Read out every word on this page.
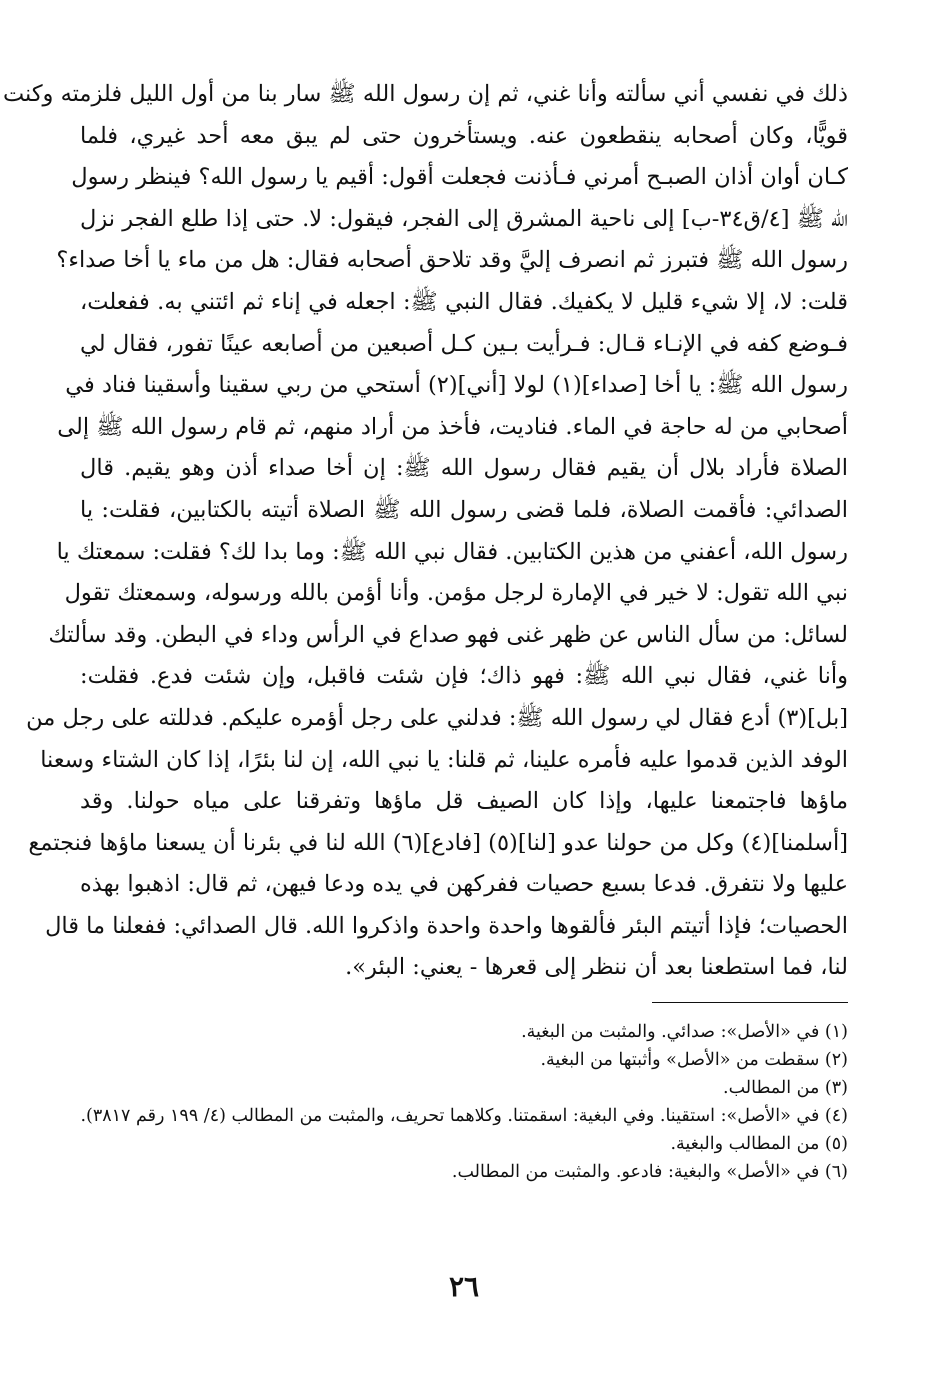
ذلك في نفسي أني سألته وأنا غني، ثم إن رسول الله ﷺ سار بنا من أول الليل فلزمته وكنت
قويًّا، وكان أصحابه ينقطعون عنه. ويستأخرون حتى لم يبق معه أحد غيري، فلما
كـان أوان أذان الصبـح أمرني فـأذنت فجعلت أقول: أقيم يا رسول الله؟ فينظر رسول
الله ﷺ [٤/ق٣٤-ب] إلى ناحية المشرق إلى الفجر، فيقول: لا. حتى إذا طلع الفجر نزل
رسول الله ﷺ فتبرز ثم انصرف إليَّ وقد تلاحق أصحابه فقال: هل من ماء يا أخا صداء؟
قلت: لا، إلا شيء قليل لا يكفيك. فقال النبي ﷺ: اجعله في إناء ثم ائتني به. ففعلت،
فـوضع كفه في الإنـاء قـال: فـرأيت بـين كـل أصبعين من أصابعه عينًا تفور، فقال لي
رسول الله ﷺ: يا أخا [صداء](١) لولا [أني](٢) أستحي من ربي سقينا وأسقينا فناد في
أصحابي من له حاجة في الماء. فناديت، فأخذ من أراد منهم، ثم قام رسول الله ﷺ إلى
الصلاة فأراد بلال أن يقيم فقال رسول الله ﷺ: إن أخا صداء أذن وهو يقيم. قال
الصدائي: فأقمت الصلاة، فلما قضى رسول الله ﷺ الصلاة أتيته بالكتابين، فقلت: يا
رسول الله، أعفني من هذين الكتابين. فقال نبي الله ﷺ: وما بدا لك؟ فقلت: سمعتك يا
نبي الله تقول: لا خير في الإمارة لرجل مؤمن. وأنا أؤمن بالله ورسوله، وسمعتك تقول
لسائل: من سأل الناس عن ظهر غنى فهو صداع في الرأس وداء في البطن. وقد سألتك
وأنا غني، فقال نبي الله ﷺ: فهو ذاك؛ فإن شئت فاقبل، وإن شئت فدع. فقلت:
[بل](٣) أدع فقال لي رسول الله ﷺ: فدلني على رجل أؤمره عليكم. فدللته على رجل من
الوفد الذين قدموا عليه فأمره علينا، ثم قلنا: يا نبي الله، إن لنا بئرًا، إذا كان الشتاء وسعنا
ماؤها فاجتمعنا عليها، وإذا كان الصيف قل ماؤها وتفرقنا على مياه حولنا. وقد
[أسلمنا](٤) وكل من حولنا عدو [لنا](٥) [فادع](٦) الله لنا في بئرنا أن يسعنا ماؤها فنجتمع
عليها ولا نتفرق. فدعا بسبع حصيات ففركهن في يده ودعا فيهن، ثم قال: اذهبوا بهذه
الحصيات؛ فإذا أتيتم البئر فألقوها واحدة واحدة واذكروا الله. قال الصدائي: ففعلنا ما قال
لنا، فما استطعنا بعد أن ننظر إلى قعرها - يعني: البئر».
(١) في «الأصل»: صدائي. والمثبت من البغية.
(٢) سقطت من «الأصل» وأثبتها من البغية.
(٣) من المطالب.
(٤) في «الأصل»: استقينا. وفي البغية: اسقمتنا. وكلاهما تحريف، والمثبت من المطالب (٤/ ١٩٩ رقم ٣٨١٧).
(٥) من المطالب والبغية.
(٦) في «الأصل» والبغية: فادعو. والمثبت من المطالب.
٢٦
